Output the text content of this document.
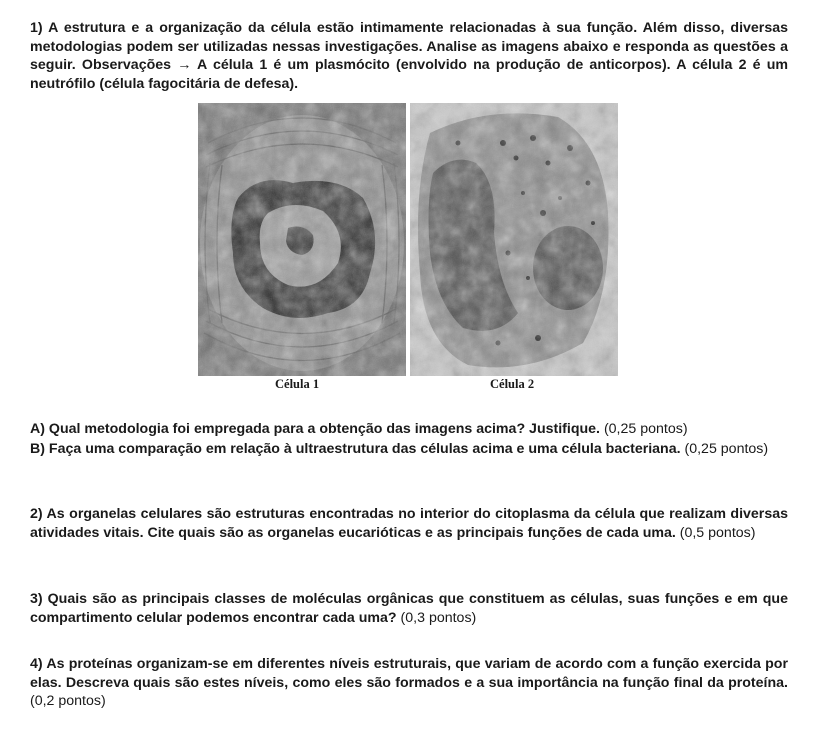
1) A estrutura e a organização da célula estão intimamente relacionadas à sua função. Além disso, diversas metodologias podem ser utilizadas nessas investigações. Analise as imagens abaixo e responda as questões a seguir. Observações → A célula 1 é um plasmócito (envolvido na produção de anticorpos). A célula 2 é um neutrófilo (célula fagocitária de defesa).
Célula 1	Célula 2
A) Qual metodologia foi empregada para a obtenção das imagens acima? Justifique. (0,25 pontos)
B) Faça uma comparação em relação à ultraestrutura das células acima e uma célula bacteriana. (0,25 pontos)
2) As organelas celulares são estruturas encontradas no interior do citoplasma da célula que realizam diversas atividades vitais. Cite quais são as organelas eucarióticas e as principais funções de cada uma. (0,5 pontos)
3) Quais são as principais classes de moléculas orgânicas que constituem as células, suas funções e em que compartimento celular podemos encontrar cada uma? (0,3 pontos)
4) As proteínas organizam-se em diferentes níveis estruturais, que variam de acordo com a função exercida por elas. Descreva quais são estes níveis, como eles são formados e a sua importância na função final da proteína. (0,2 pontos)
